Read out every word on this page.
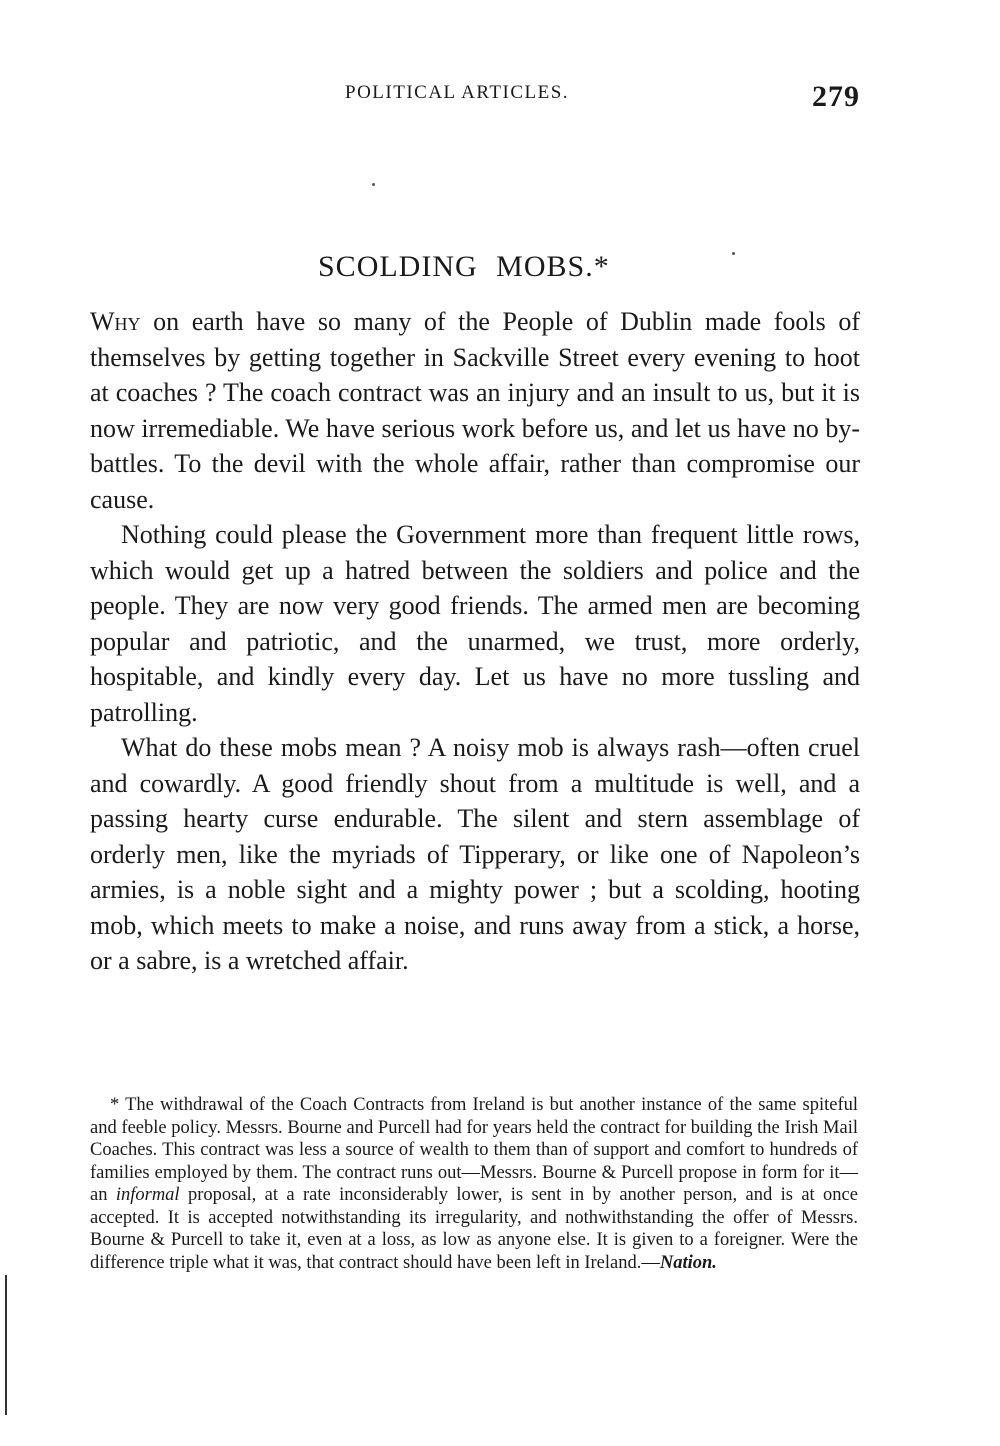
POLITICAL ARTICLES.	279
SCOLDING MOBS.*

Why on earth have so many of the People of Dublin made fools of themselves by getting together in Sackville Street every evening to hoot at coaches ? The coach contract was an injury and an insult to us, but it is now irremediable. We have serious work before us, and let us have no by-battles. To the devil with the whole affair, rather than compromise our cause.

Nothing could please the Government more than frequent little rows, which would get up a hatred between the soldiers and police and the people. They are now very good friends. The armed men are becoming popular and patriotic, and the unarmed, we trust, more orderly, hospitable, and kindly every day. Let us have no more tussling and patrolling.

What do these mobs mean ? A noisy mob is always rash—often cruel and cowardly. A good friendly shout from a multitude is well, and a passing hearty curse endurable. The silent and stern assemblage of orderly men, like the myriads of Tipperary, or like one of Napoleon’s armies, is a noble sight and a mighty power ; but a scolding, hooting mob, which meets to make a noise, and runs away from a stick, a horse, or a sabre, is a wretched affair.

* The withdrawal of the Coach Contracts from Ireland is but another instance of the same spiteful and feeble policy. Messrs. Bourne and Purcell had for years held the contract for building the Irish Mail Coaches. This contract was less a source of wealth to them than of support and comfort to hundreds of families employed by them. The contract runs out—Messrs. Bourne & Purcell propose in form for it—an informal proposal, at a rate inconsiderably lower, is sent in by another person, and is at once accepted. It is accepted notwithstanding its irregularity, and nothwithstanding the offer of Messrs. Bourne & Purcell to take it, even at a loss, as low as anyone else. It is given to a foreigner. Were the difference triple what it was, that contract should have been left in Ireland.—Nation.
